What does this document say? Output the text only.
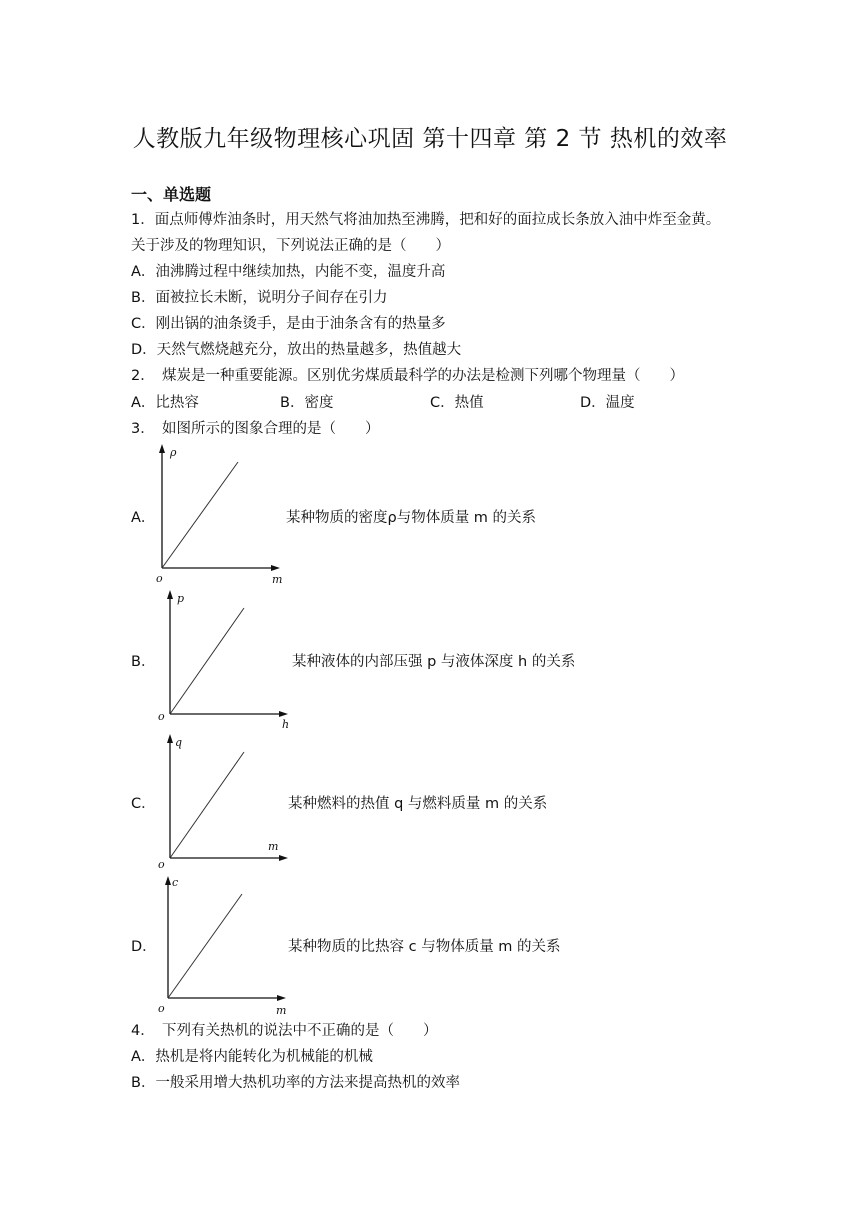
人教版九年级物理核心巩固 第十四章 第 2 节 热机的效率
一、单选题
1．面点师傅炸油条时，用天然气将油加热至沸腾，把和好的面拉成长条放入油中炸至金黄。
关于涉及的物理知识，下列说法正确的是（　　）
A．油沸腾过程中继续加热，内能不变，温度升高
B．面被拉长未断，说明分子间存在引力
C．刚出锅的油条烫手，是由于油条含有的热量多
D．天然气燃烧越充分，放出的热量越多，热值越大
2．　煤炭是一种重要能源。区别优劣煤质最科学的办法是检测下列哪个物理量（　　）
A．比热容	B．密度	C．热值	D．温度
3．　如图所示的图象合理的是（　　）
A．
ρ
o	m
某种物质的密度ρ与物体质量 m 的关系
B．
p
o
h
某种液体的内部压强 p 与液体深度 h 的关系
C．
q
o
m
某种燃料的热值 q 与燃料质量 m 的关系
D．
c
o	m
某种物质的比热容 c 与物体质量 m 的关系
4．　下列有关热机的说法中不正确的是（　　）
A．热机是将内能转化为机械能的机械
B．一般采用增大热机功率的方法来提高热机的效率
